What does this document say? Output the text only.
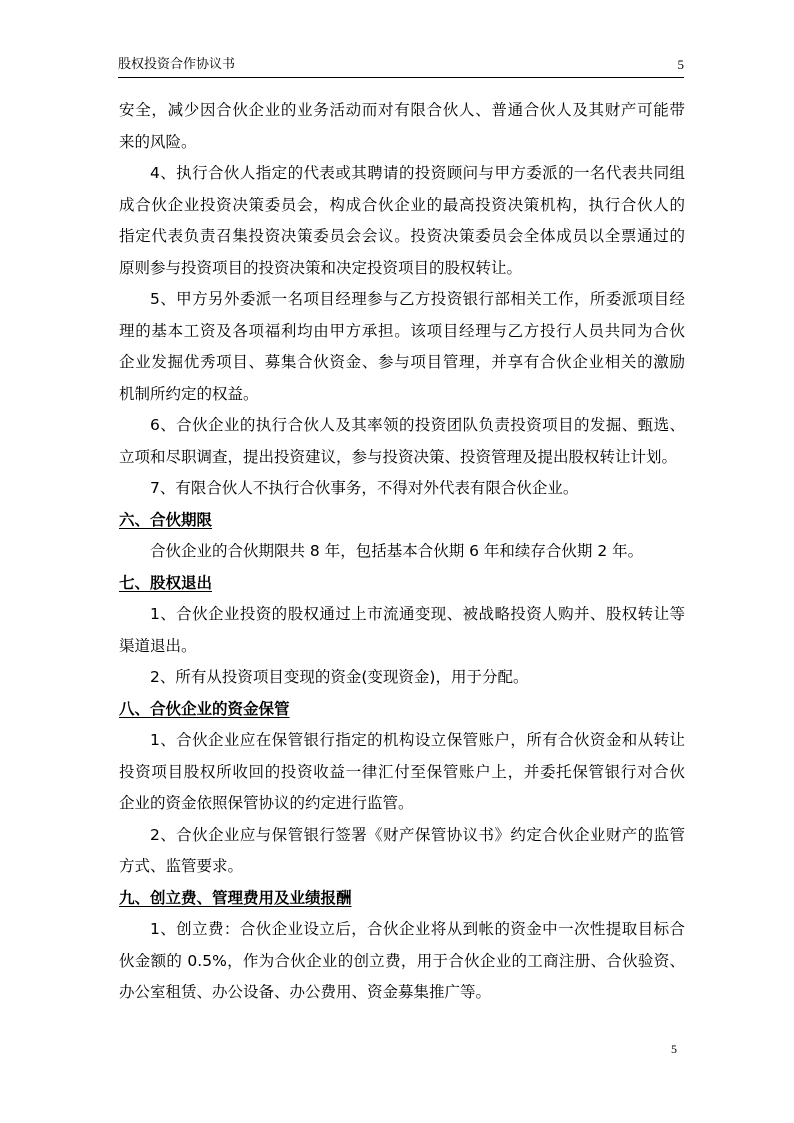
股权投资合作协议书	5

安全，减少因合伙企业的业务活动而对有限合伙人、普通合伙人及其财产可能带

来的风险。

4、执行合伙人指定的代表或其聘请的投资顾问与甲方委派的一名代表共同组

成合伙企业投资决策委员会，构成合伙企业的最高投资决策机构，执行合伙人的

指定代表负责召集投资决策委员会会议。投资决策委员会全体成员以全票通过的

原则参与投资项目的投资决策和决定投资项目的股权转让。

5、甲方另外委派一名项目经理参与乙方投资银行部相关工作，所委派项目经

理的基本工资及各项福利均由甲方承担。该项目经理与乙方投行人员共同为合伙

企业发掘优秀项目、募集合伙资金、参与项目管理，并享有合伙企业相关的激励

机制所约定的权益。

6、合伙企业的执行合伙人及其率领的投资团队负责投资项目的发掘、甄选、

立项和尽职调查，提出投资建议，参与投资决策、投资管理及提出股权转让计划。

7、有限合伙人不执行合伙事务，不得对外代表有限合伙企业。

六、合伙期限

合伙企业的合伙期限共 8 年，包括基本合伙期 6 年和续存合伙期 2 年。

七、股权退出

1、合伙企业投资的股权通过上市流通变现、被战略投资人购并、股权转让等

渠道退出。

2、所有从投资项目变现的资金(变现资金)，用于分配。

八、合伙企业的资金保管

1、合伙企业应在保管银行指定的机构设立保管账户，所有合伙资金和从转让

投资项目股权所收回的投资收益一律汇付至保管账户上，并委托保管银行对合伙

企业的资金依照保管协议的约定进行监管。

2、合伙企业应与保管银行签署《财产保管协议书》约定合伙企业财产的监管

方式、监管要求。

九、创立费、管理费用及业绩报酬

1、创立费：合伙企业设立后，合伙企业将从到帐的资金中一次性提取目标合

伙金额的 0.5%，作为合伙企业的创立费，用于合伙企业的工商注册、合伙验资、

办公室租赁、办公设备、办公费用、资金募集推广等。

5
